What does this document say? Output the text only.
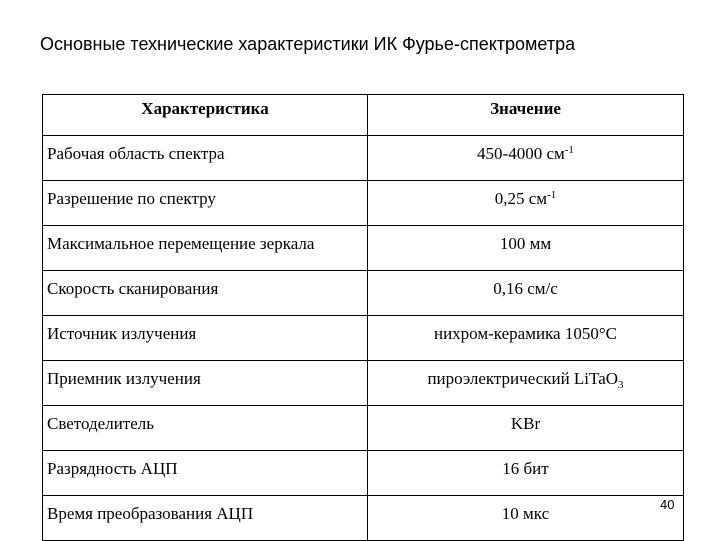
Основные технические характеристики ИК Фурье-спектрометра
Характеристика	Значение
Рабочая область спектра	450-4000 $см^{-1}$
Разрешение по спектру	0,25 $см^{-1}$
Максимальное перемещение зеркала	100 мм
Скорость сканирования	0,16 см/с
Источник излучения	нихром-керамика 1050°С
Приемник излучения	пироэлектрический LiTaO$_3$
Светоделитель	KBr
Разрядность АЦП	16 бит
Время преобразования АЦП	10 мкс	40
